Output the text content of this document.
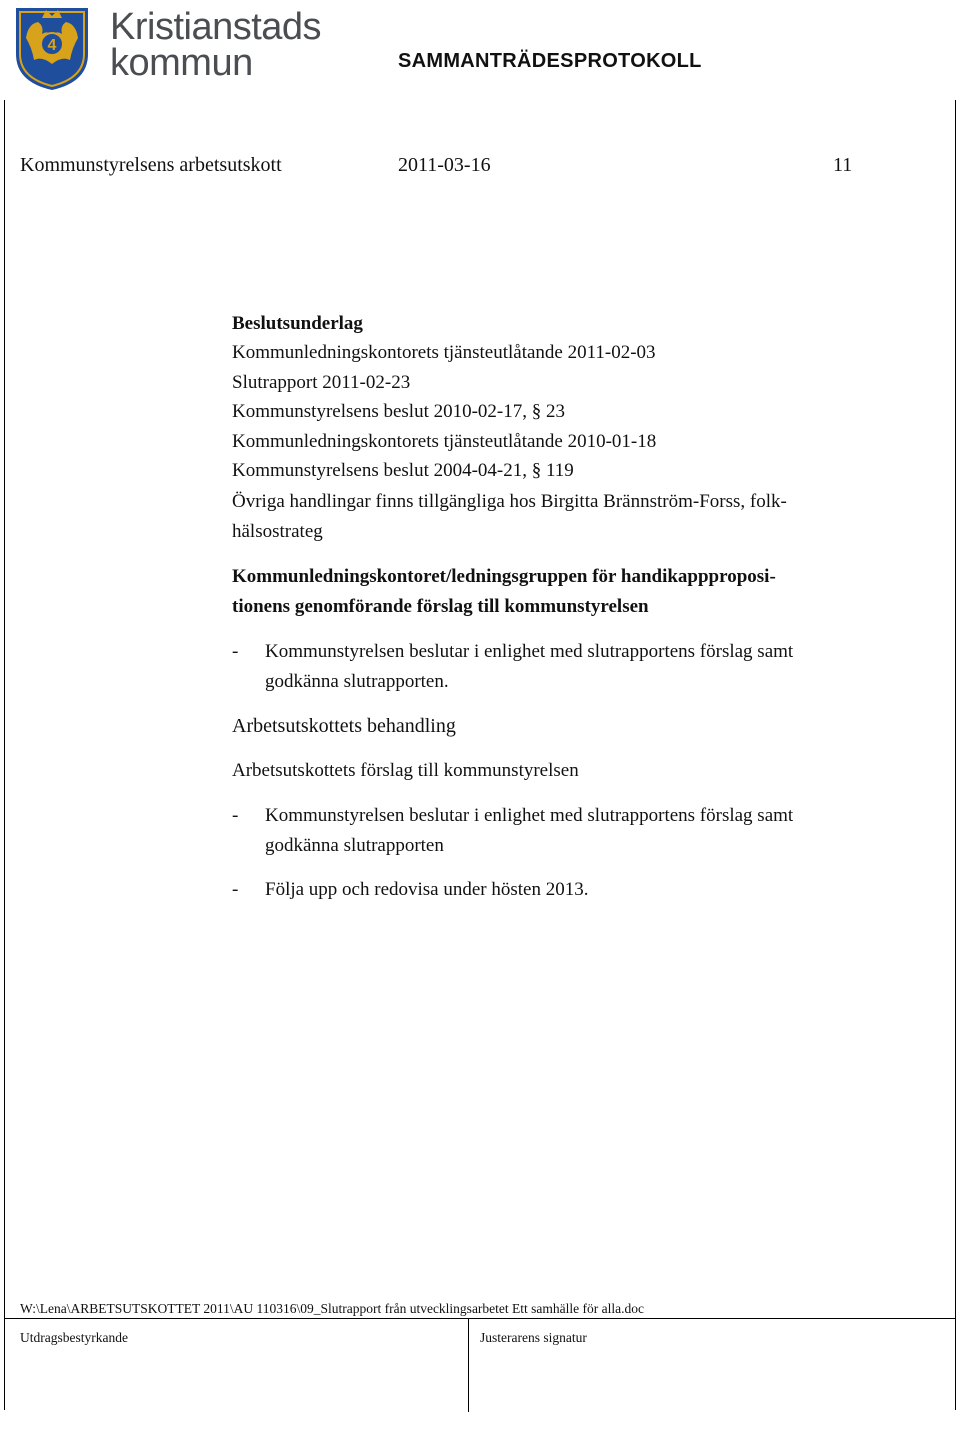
4 Kristianstads
kommun	SAMMANTRÄDESPROTOKOLL
Kommunstyrelsens arbetsutskott	2011-03-16	11
Beslutsunderlag
Kommunledningskontorets tjänsteutlåtande 2011-02-03
Slutrapport 2011-02-23
Kommunstyrelsens beslut 2010-02-17, § 23
Kommunledningskontorets tjänsteutlåtande 2010-01-18
Kommunstyrelsens beslut 2004-04-21, § 119
Övriga handlingar finns tillgängliga hos Birgitta Brännström-Forss, folk-
hälsostrateg
Kommunledningskontoret/ledningsgruppen för handikappproposi-
tionens genomförande förslag till kommunstyrelsen
- Kommunstyrelsen beslutar i enlighet med slutrapportens förslag samt
godkänna slutrapporten.
Arbetsutskottets behandling
Arbetsutskottets förslag till kommunstyrelsen
- Kommunstyrelsen beslutar i enlighet med slutrapportens förslag samt
godkänna slutrapporten
- Följa upp och redovisa under hösten 2013.
W:\Lena\ARBETSUTSKOTTET 2011\AU 110316\09_Slutrapport från utvecklingsarbetet Ett samhälle för alla.doc
Utdragsbestyrkande	Justerarens signatur
